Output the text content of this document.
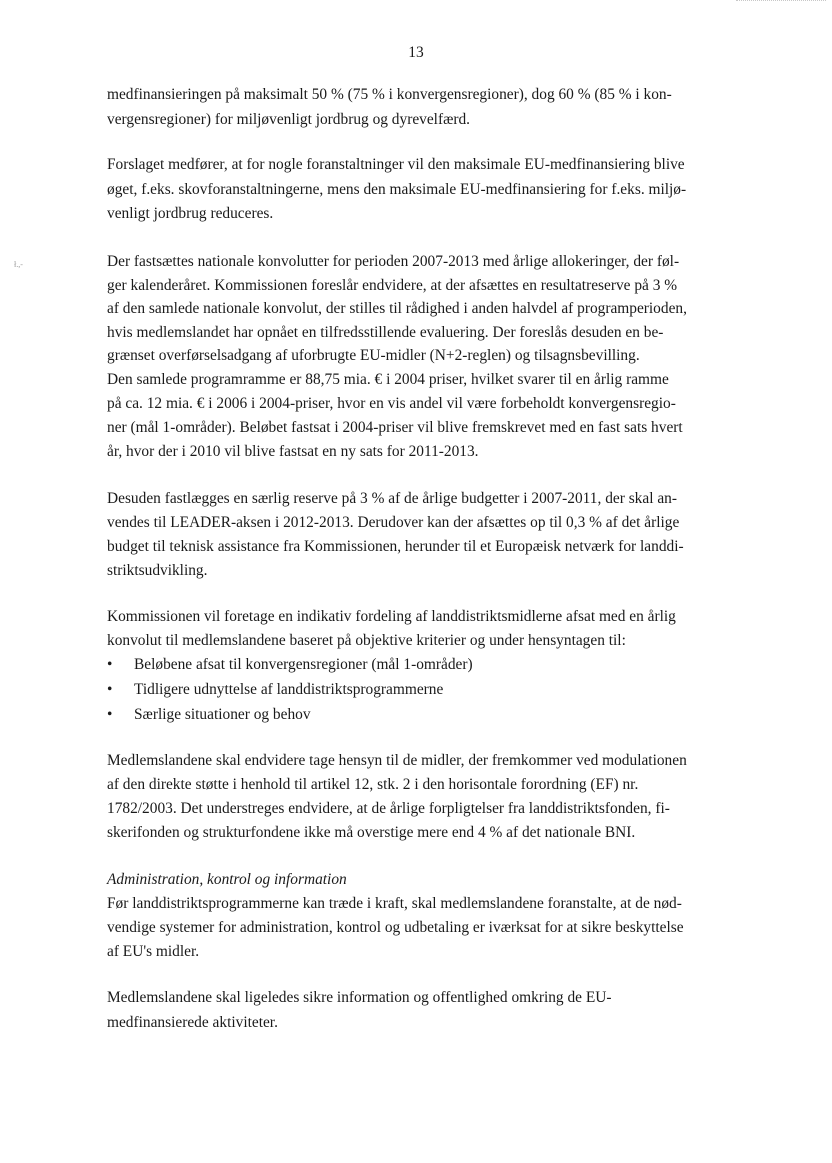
ł.,-
13
medfinansieringen på maksimalt 50 % (75 % i konvergensregioner), dog 60 % (85 % i kon-
vergensregioner) for miljøvenligt jordbrug og dyrevelfærd.
Forslaget medfører, at for nogle foranstaltninger vil den maksimale EU-medfinansiering blive
øget, f.eks. skovforanstaltningerne, mens den maksimale EU-medfinansiering for f.eks. miljø-
venligt jordbrug reduceres.
Der fastsættes nationale konvolutter for perioden 2007-2013 med årlige allokeringer, der føl-
ger kalenderåret. Kommissionen foreslår endvidere, at der afsættes en resultatreserve på 3 %
af den samlede nationale konvolut, der stilles til rådighed i anden halvdel af programperioden,
hvis medlemslandet har opnået en tilfredsstillende evaluering. Der foreslås desuden en be-
grænset overførselsadgang af uforbrugte EU-midler (N+2-reglen) og tilsagnsbevilling.
Den samlede programramme er 88,75 mia. € i 2004 priser, hvilket svarer til en årlig ramme
på ca. 12 mia. € i 2006 i 2004-priser, hvor en vis andel vil være forbeholdt konvergensregio-
ner (mål 1-områder). Beløbet fastsat i 2004-priser vil blive fremskrevet med en fast sats hvert
år, hvor der i 2010 vil blive fastsat en ny sats for 2011-2013.
Desuden fastlægges en særlig reserve på 3 % af de årlige budgetter i 2007-2011, der skal an-
vendes til LEADER-aksen i 2012-2013. Derudover kan der afsættes op til 0,3 % af det årlige
budget til teknisk assistance fra Kommissionen, herunder til et Europæisk netværk for landdi-
striktsudvikling.
Kommissionen vil foretage en indikativ fordeling af landdistriktsmidlerne afsat med en årlig
konvolut til medlemslandene baseret på objektive kriterier og under hensyntagen til:
• Beløbene afsat til konvergensregioner (mål 1-områder)
• Tidligere udnyttelse af landdistriktsprogrammerne
• Særlige situationer og behov
Medlemslandene skal endvidere tage hensyn til de midler, der fremkommer ved modulationen
af den direkte støtte i henhold til artikel 12, stk. 2 i den horisontale forordning (EF) nr.
1782/2003. Det understreges endvidere, at de årlige forpligtelser fra landdistriktsfonden, fi-
skerifonden og strukturfondene ikke må overstige mere end 4 % af det nationale BNI.
Administration, kontrol og information
Før landdistriktsprogrammerne kan træde i kraft, skal medlemslandene foranstalte, at de nød-
vendige systemer for administration, kontrol og udbetaling er iværksat for at sikre beskyttelse
af EU's midler.
Medlemslandene skal ligeledes sikre information og offentlighed omkring de EU-
medfinansierede aktiviteter.
